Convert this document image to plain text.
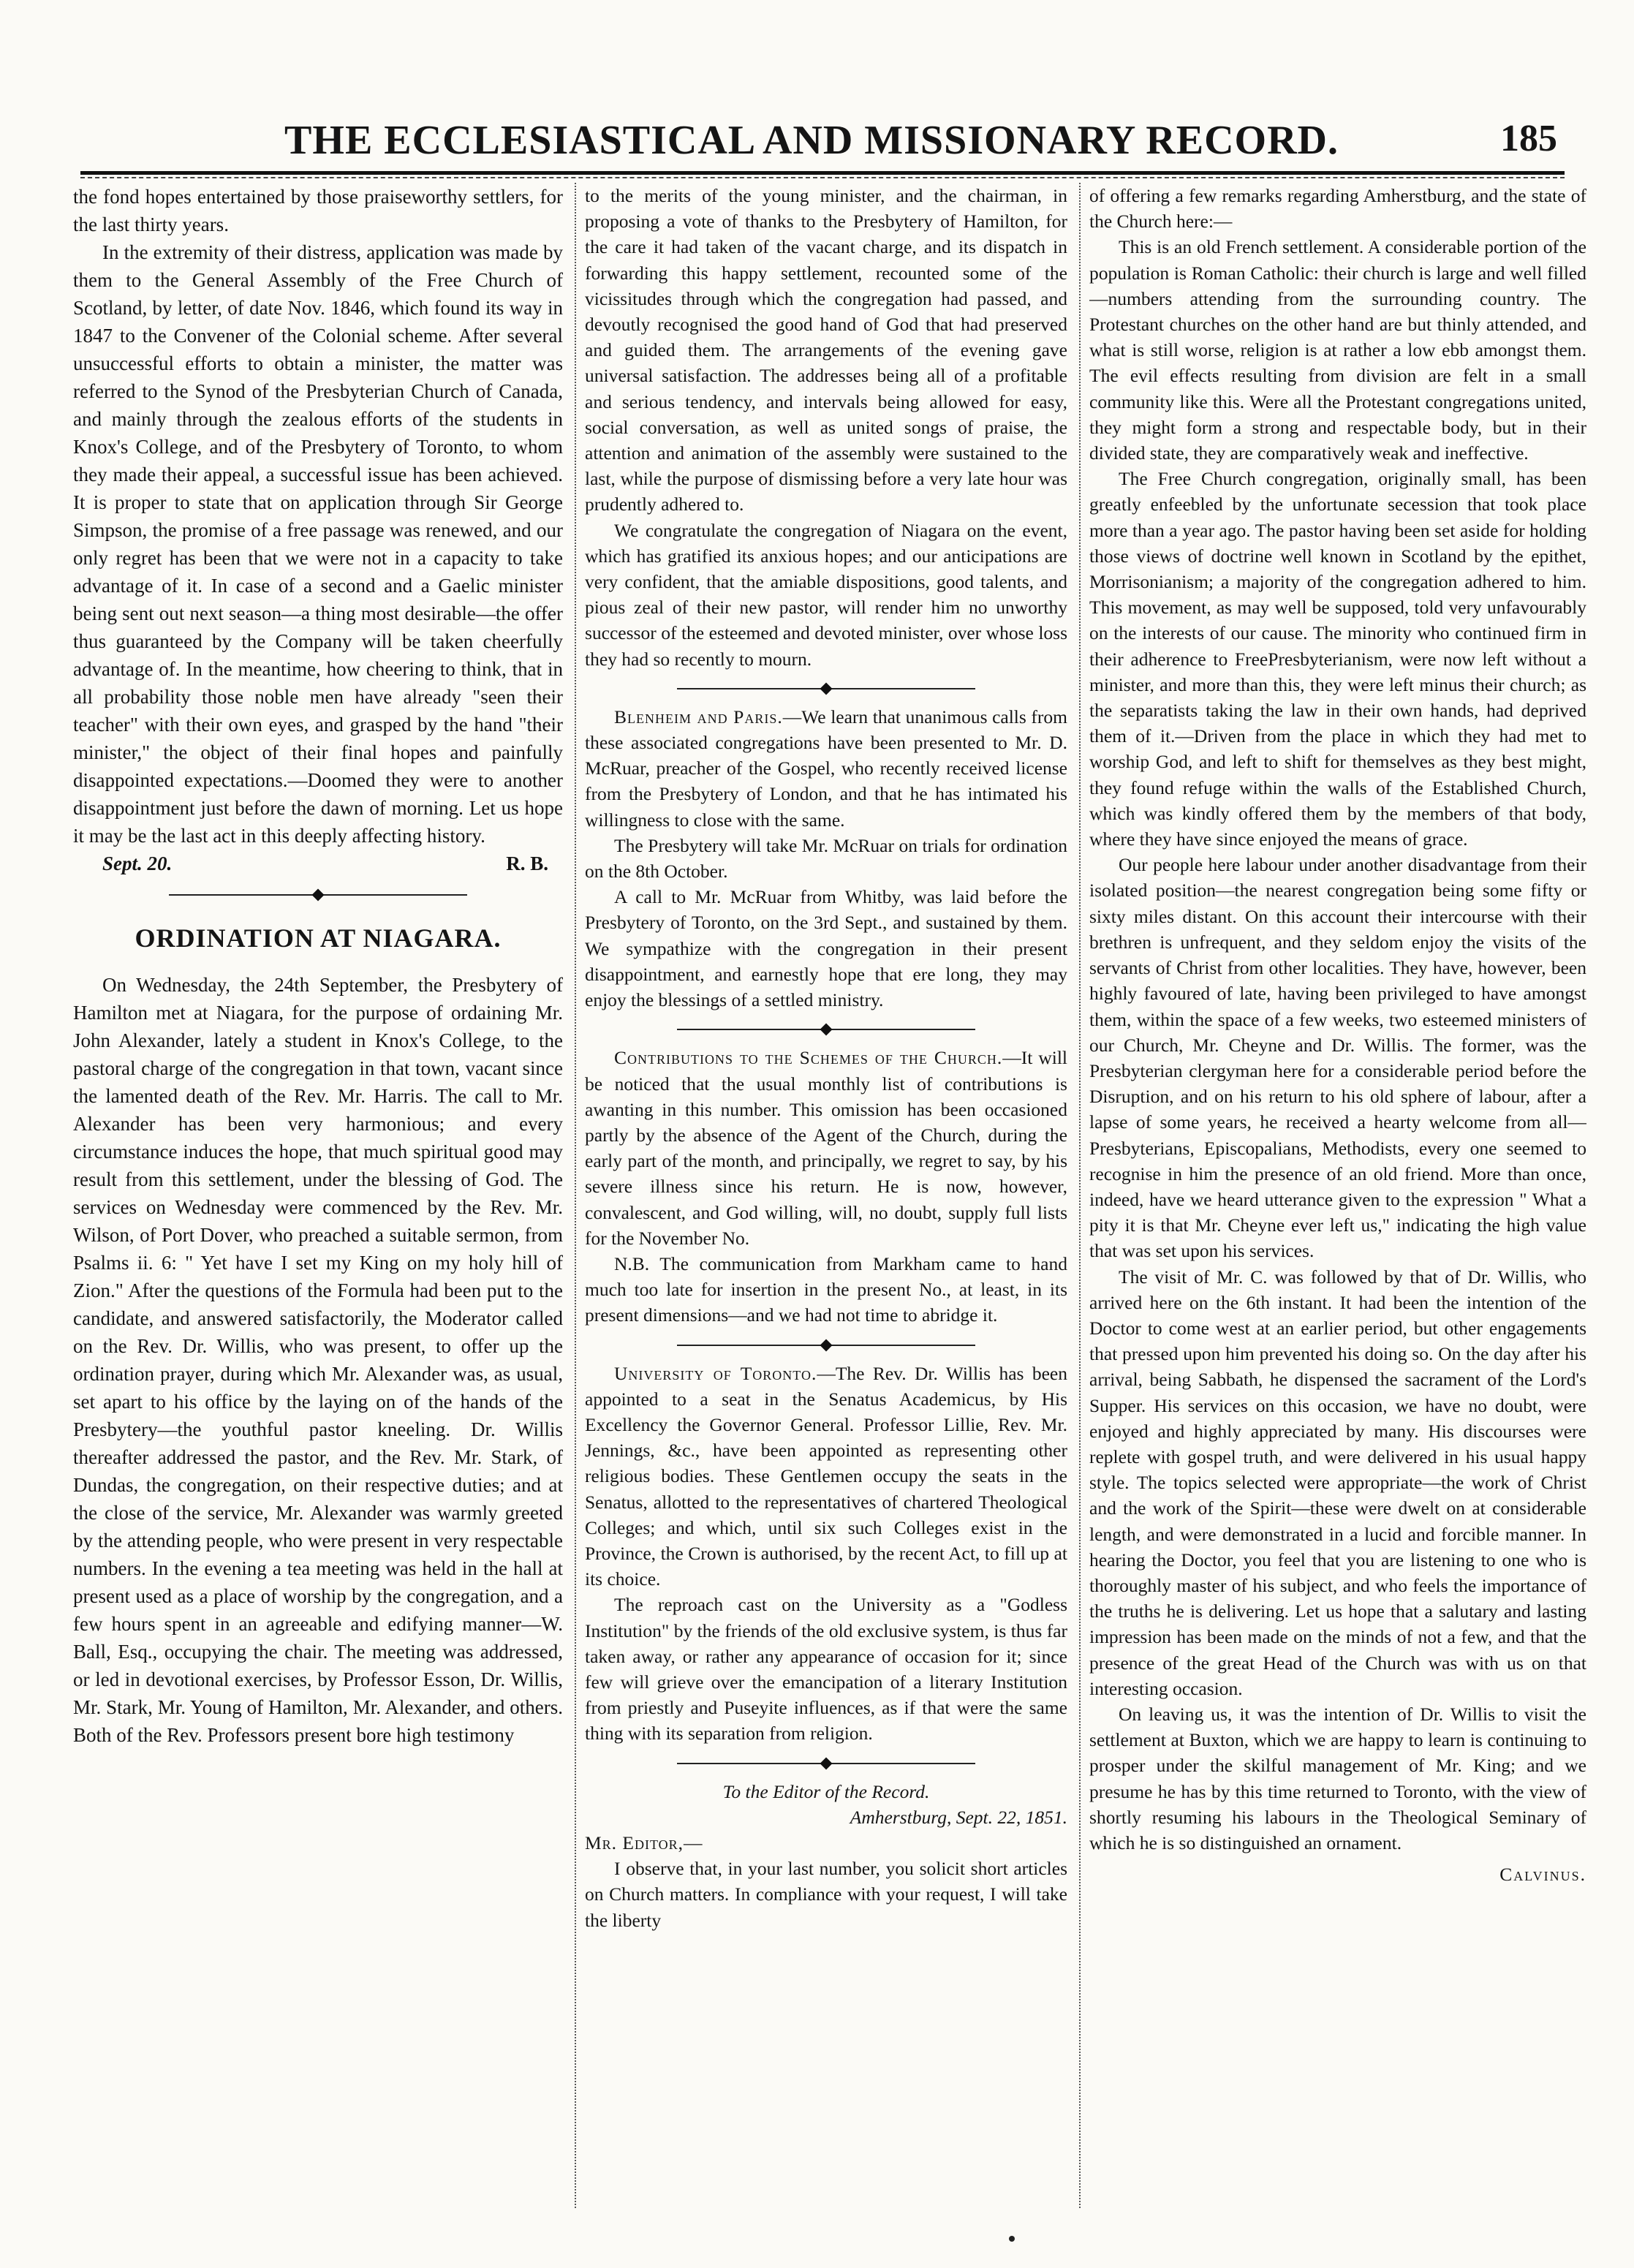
THE ECCLESIASTICAL AND MISSIONARY RECORD.	185

the fond hopes entertained by those praiseworthy settlers, for the last thirty years.

In the extremity of their distress, application was made by them to the General Assembly of the Free Church of Scotland, by letter, of date Nov. 1846, which found its way in 1847 to the Convener of the Colonial scheme. After several unsuccessful efforts to obtain a minister, the matter was referred to the Synod of the Presbyterian Church of Canada, and mainly through the zealous efforts of the students in Knox's College, and of the Presbytery of Toronto, to whom they made their appeal, a successful issue has been achieved. It is proper to state that on application through Sir George Simpson, the promise of a free passage was renewed, and our only regret has been that we were not in a capacity to take advantage of it. In case of a second and a Gaelic minister being sent out next season—a thing most desirable—the offer thus guaranteed by the Company will be taken cheerfully advantage of. In the meantime, how cheering to think, that in all probability those noble men have already "seen their teacher" with their own eyes, and grasped by the hand "their minister," the object of their final hopes and painfully disappointed expectations.—Doomed they were to another disappointment just before the dawn of morning. Let us hope it may be the last act in this deeply affecting history.

Sept. 20.	R. B.
ORDINATION AT NIAGARA.

On Wednesday, the 24th September, the Presbytery of Hamilton met at Niagara, for the purpose of ordaining Mr. John Alexander, lately a student in Knox's College, to the pastoral charge of the congregation in that town, vacant since the lamented death of the Rev. Mr. Harris. The call to Mr. Alexander has been very harmonious; and every circumstance induces the hope, that much spiritual good may result from this settlement, under the blessing of God. The services on Wednesday were commenced by the Rev. Mr. Wilson, of Port Dover, who preached a suitable sermon, from Psalms ii. 6: " Yet have I set my King on my holy hill of Zion." After the questions of the Formula had been put to the candidate, and answered satisfactorily, the Moderator called on the Rev. Dr. Willis, who was present, to offer up the ordination prayer, during which Mr. Alexander was, as usual, set apart to his office by the laying on of the hands of the Presbytery—the youthful pastor kneeling. Dr. Willis thereafter addressed the pastor, and the Rev. Mr. Stark, of Dundas, the congregation, on their respective duties; and at the close of the service, Mr. Alexander was warmly greeted by the attending people, who were present in very respectable numbers. In the evening a tea meeting was held in the hall at present used as a place of worship by the congregation, and a few hours spent in an agreeable and edifying manner—W. Ball, Esq., occupying the chair. The meeting was addressed, or led in devotional exercises, by Professor Esson, Dr. Willis, Mr. Stark, Mr. Young of Hamilton, Mr. Alexander, and others. Both of the Rev. Professors present bore high testimony

to the merits of the young minister, and the chairman, in proposing a vote of thanks to the Presbytery of Hamilton, for the care it had taken of the vacant charge, and its dispatch in forwarding this happy settlement, recounted some of the vicissitudes through which the congregation had passed, and devoutly recognised the good hand of God that had preserved and guided them. The arrangements of the evening gave universal satisfaction. The addresses being all of a profitable and serious tendency, and intervals being allowed for easy, social conversation, as well as united songs of praise, the attention and animation of the assembly were sustained to the last, while the purpose of dismissing before a very late hour was prudently adhered to.

We congratulate the congregation of Niagara on the event, which has gratified its anxious hopes; and our anticipations are very confident, that the amiable dispositions, good talents, and pious zeal of their new pastor, will render him no unworthy successor of the esteemed and devoted minister, over whose loss they had so recently to mourn.

Blenheim and Paris.—We learn that unanimous calls from these associated congregations have been presented to Mr. D. McRuar, preacher of the Gospel, who recently received license from the Presbytery of London, and that he has intimated his willingness to close with the same.

The Presbytery will take Mr. McRuar on trials for ordination on the 8th October.

A call to Mr. McRuar from Whitby, was laid before the Presbytery of Toronto, on the 3rd Sept., and sustained by them. We sympathize with the congregation in their present disappointment, and earnestly hope that ere long, they may enjoy the blessings of a settled ministry.

Contributions to the Schemes of the Church.—It will be noticed that the usual monthly list of contributions is awanting in this number. This omission has been occasioned partly by the absence of the Agent of the Church, during the early part of the month, and principally, we regret to say, by his severe illness since his return. He is now, however, convalescent, and God willing, will, no doubt, supply full lists for the November No.

N.B. The communication from Markham came to hand much too late for insertion in the present No., at least, in its present dimensions—and we had not time to abridge it.

University of Toronto.—The Rev. Dr. Willis has been appointed to a seat in the Senatus Academicus, by His Excellency the Governor General. Professor Lillie, Rev. Mr. Jennings, &c., have been appointed as representing other religious bodies. These Gentlemen occupy the seats in the Senatus, allotted to the representatives of chartered Theological Colleges; and which, until six such Colleges exist in the Province, the Crown is authorised, by the recent Act, to fill up at its choice.

The reproach cast on the University as a "Godless Institution" by the friends of the old exclusive system, is thus far taken away, or rather any appearance of occasion for it; since few will grieve over the emancipation of a literary Institution from priestly and Puseyite influences, as if that were the same thing with its separation from religion.

To the Editor of the Record.

Amherstburg, Sept. 22, 1851.

Mr. Editor,—

I observe that, in your last number, you solicit short articles on Church matters. In compliance with your request, I will take the liberty

of offering a few remarks regarding Amherstburg, and the state of the Church here:—

This is an old French settlement. A considerable portion of the population is Roman Catholic: their church is large and well filled—numbers attending from the surrounding country. The Protestant churches on the other hand are but thinly attended, and what is still worse, religion is at rather a low ebb amongst them. The evil effects resulting from division are felt in a small community like this. Were all the Protestant congregations united, they might form a strong and respectable body, but in their divided state, they are comparatively weak and ineffective.

The Free Church congregation, originally small, has been greatly enfeebled by the unfortunate secession that took place more than a year ago. The pastor having been set aside for holding those views of doctrine well known in Scotland by the epithet, Morrisonianism; a majority of the congregation adhered to him. This movement, as may well be supposed, told very unfavourably on the interests of our cause. The minority who continued firm in their adherence to FreePresbyterianism, were now left without a minister, and more than this, they were left minus their church; as the separatists taking the law in their own hands, had deprived them of it.—Driven from the place in which they had met to worship God, and left to shift for themselves as they best might, they found refuge within the walls of the Established Church, which was kindly offered them by the members of that body, where they have since enjoyed the means of grace.

Our people here labour under another disadvantage from their isolated position—the nearest congregation being some fifty or sixty miles distant. On this account their intercourse with their brethren is unfrequent, and they seldom enjoy the visits of the servants of Christ from other localities. They have, however, been highly favoured of late, having been privileged to have amongst them, within the space of a few weeks, two esteemed ministers of our Church, Mr. Cheyne and Dr. Willis. The former, was the Presbyterian clergyman here for a considerable period before the Disruption, and on his return to his old sphere of labour, after a lapse of some years, he received a hearty welcome from all—Presbyterians, Episcopalians, Methodists, every one seemed to recognise in him the presence of an old friend. More than once, indeed, have we heard utterance given to the expression " What a pity it is that Mr. Cheyne ever left us," indicating the high value that was set upon his services.

The visit of Mr. C. was followed by that of Dr. Willis, who arrived here on the 6th instant. It had been the intention of the Doctor to come west at an earlier period, but other engagements that pressed upon him prevented his doing so. On the day after his arrival, being Sabbath, he dispensed the sacrament of the Lord's Supper. His services on this occasion, we have no doubt, were enjoyed and highly appreciated by many. His discourses were replete with gospel truth, and were delivered in his usual happy style. The topics selected were appropriate—the work of Christ and the work of the Spirit—these were dwelt on at considerable length, and were demonstrated in a lucid and forcible manner. In hearing the Doctor, you feel that you are listening to one who is thoroughly master of his subject, and who feels the importance of the truths he is delivering. Let us hope that a salutary and lasting impression has been made on the minds of not a few, and that the presence of the great Head of the Church was with us on that interesting occasion.

On leaving us, it was the intention of Dr. Willis to visit the settlement at Buxton, which we are happy to learn is continuing to prosper under the skilful management of Mr. King; and we presume he has by this time returned to Toronto, with the view of shortly resuming his labours in the Theological Seminary of which he is so distinguished an ornament.

Calvinus.
